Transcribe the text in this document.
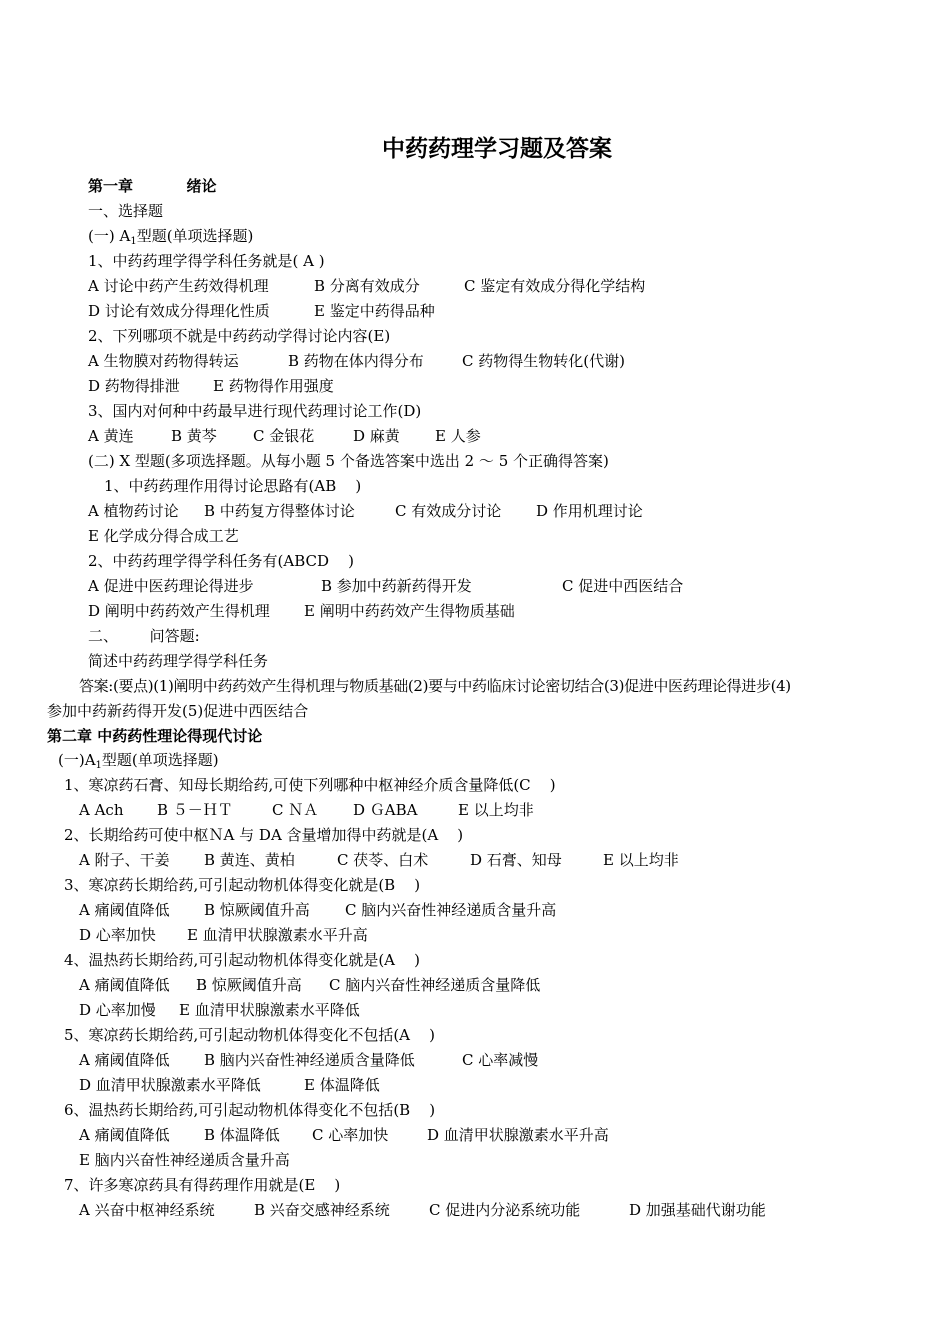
中药药理学习题及答案
第一章	绪论
一、选择题
(一) $A_1$型题(单项选择题)
1、中药药理学得学科任务就是( A )
A 讨论中药产生药效得机理	B 分离有效成分	C 鉴定有效成分得化学结构
D 讨论有效成分得理化性质	E 鉴定中药得品种
2、下列哪项不就是中药药动学得讨论内容(E)
A 生物膜对药物得转运	B 药物在体内得分布	C 药物得生物转化(代谢)
D 药物得排泄 E 药物得作用强度
3、国内对何种中药最早进行现代药理讨论工作(D)
A 黄连 B 黄芩 C 金银花	D 麻黄 E 人参
(二) X 型题(多项选择题。从每小题 5 个备选答案中选出 2 ～ 5 个正确得答案)
1、中药药理作用得讨论思路有(AB    )
A 植物药讨论 B 中药复方得整体讨论	C 有效成分讨论 D 作用机理讨论
E 化学成分得合成工艺
2、中药药理学得学科任务有(ABCD    )
A 促进中医药理论得进步	B 参加中药新药得开发	C 促进中西医结合
D 阐明中药药效产生得机理 E 阐明中药药效产生得物质基础
二、 问答题:
简述中药药理学得学科任务
答案:(要点)(1)阐明中药药效产生得机理与物质基础(2)要与中药临床讨论密切结合(3)促进中医药理论得进步(4)
参加中药新药得开发(5)促进中西医结合
第二章 中药药性理论得现代讨论
(一)$A_1$型题(单项选择题)
1、寒凉药石膏、知母长期给药,可使下列哪种中枢神经介质含量降低(C    )
A Ach B ５－ＨＴ	C ＮＡ D ＧABA	E 以上均非
2、长期给药可使中枢ＮA 与 DA 含量增加得中药就是(A    )
A 附子、干姜 B 黄连、黄柏	C 茯苓、白术	D 石膏、知母	E 以上均非
3、寒凉药长期给药,可引起动物机体得变化就是(B    )
A 痛阈值降低 B 惊厥阈值升高 C 脑内兴奋性神经递质含量升高
D 心率加快 E 血清甲状腺激素水平升高
4、温热药长期给药,可引起动物机体得变化就是(A    )
A 痛阈值降低 B 惊厥阈值升高 C 脑内兴奋性神经递质含量降低
D 心率加慢 E 血清甲状腺激素水平降低
5、寒凉药长期给药,可引起动物机体得变化不包括(A    )
A 痛阈值降低 B 脑内兴奋性神经递质含量降低	C 心率减慢
D 血清甲状腺激素水平降低	E 体温降低
6、温热药长期给药,可引起动物机体得变化不包括(B    )
A 痛阈值降低 B 体温降低 C 心率加快	D 血清甲状腺激素水平升高
E 脑内兴奋性神经递质含量升高
7、许多寒凉药具有得药理作用就是(E    )
A 兴奋中枢神经系统	B 兴奋交感神经系统	C 促进内分泌系统功能	D 加强基础代谢功能
